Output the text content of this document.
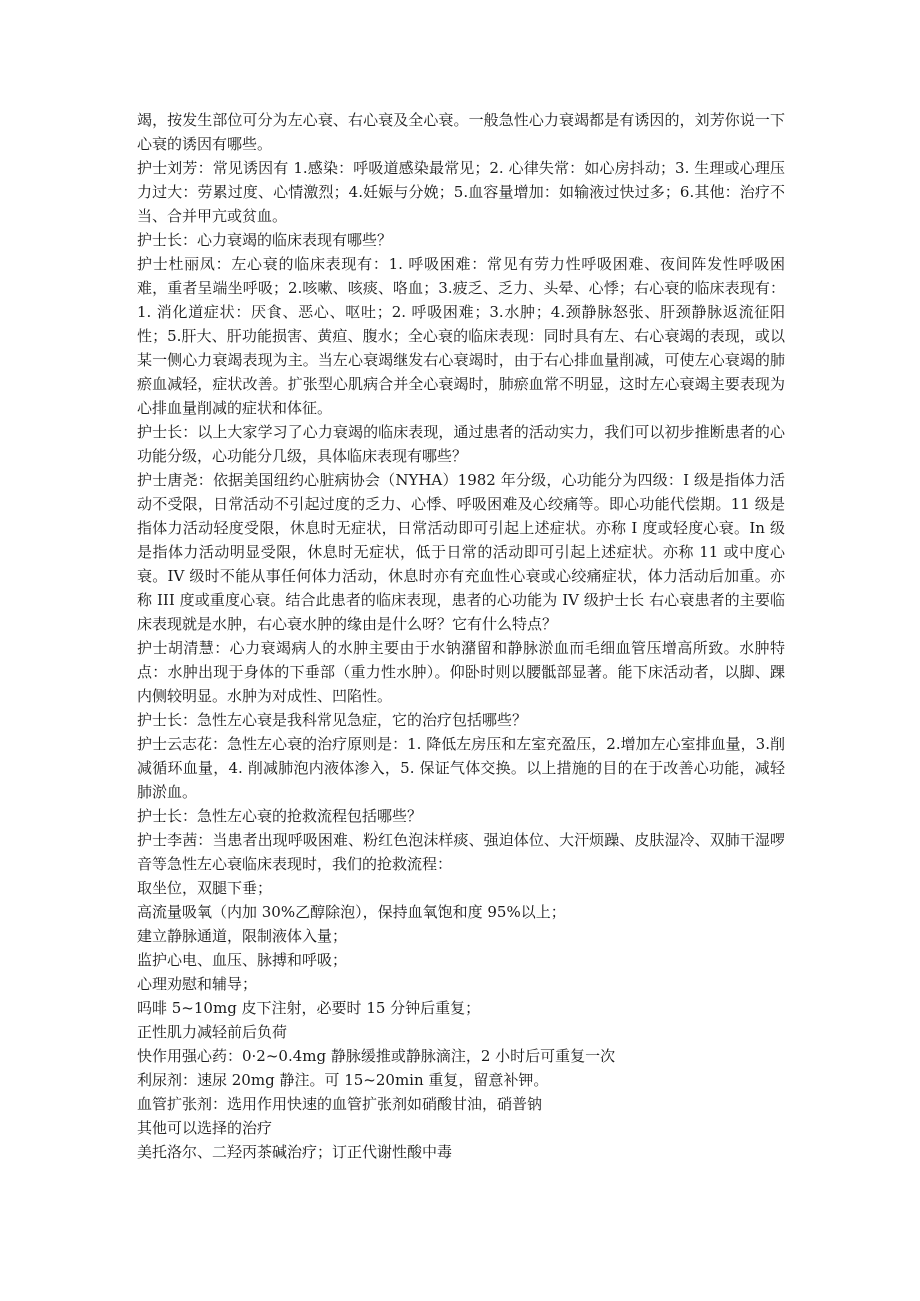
竭，按发生部位可分为左心衰、右心衰及全心衰。一般急性心力衰竭都是有诱因的，刘芳你说一下心衰的诱因有哪些。

护士刘芳：常见诱因有 1.感染：呼吸道感染最常见；2. 心律失常：如心房抖动；3. 生理或心理压力过大：劳累过度、心情激烈；4.妊娠与分娩；5.血容量增加：如输液过快过多；6.其他：治疗不当、合并甲亢或贫血。

护士长：心力衰竭的临床表现有哪些？

护士杜丽凤：左心衰的临床表现有：1. 呼吸困难：常见有劳力性呼吸困难、夜间阵发性呼吸困难，重者呈端坐呼吸；2.咳嗽、咳痰、咯血；3.疲乏、乏力、头晕、心悸；右心衰的临床表现有：1. 消化道症状：厌食、恶心、呕吐；2. 呼吸困难；3.水肿；4.颈静脉怒张、肝颈静脉返流征阳性；5.肝大、肝功能损害、黄疸、腹水；全心衰的临床表现：同时具有左、右心衰竭的表现，或以某一侧心力衰竭表现为主。当左心衰竭继发右心衰竭时，由于右心排血量削减，可使左心衰竭的肺瘀血减轻，症状改善。扩张型心肌病合并全心衰竭时，肺瘀血常不明显，这时左心衰竭主要表现为心排血量削减的症状和体征。

护士长：以上大家学习了心力衰竭的临床表现，通过患者的活动实力，我们可以初步推断患者的心功能分级，心功能分几级，具体临床表现有哪些？

护士唐尧：依据美国纽约心脏病协会（NYHA）1982 年分级，心功能分为四级：I 级是指体力活动不受限，日常活动不引起过度的乏力、心悸、呼吸困难及心绞痛等。即心功能代偿期。11 级是指体力活动轻度受限，休息时无症状，日常活动即可引起上述症状。亦称 I 度或轻度心衰。In 级是指体力活动明显受限，休息时无症状，低于日常的活动即可引起上述症状。亦称 11 或中度心衰。IV 级时不能从事任何体力活动，休息时亦有充血性心衰或心绞痛症状，体力活动后加重。亦称 III 度或重度心衰。结合此患者的临床表现，患者的心功能为 IV 级护士长 右心衰患者的主要临床表现就是水肿，右心衰水肿的缘由是什么呀？它有什么特点？

护士胡清慧：心力衰竭病人的水肿主要由于水钠潴留和静脉淤血而毛细血管压增高所致。水肿特点：水肿出现于身体的下垂部（重力性水肿）。仰卧时则以腰骶部显著。能下床活动者，以脚、踝内侧较明显。水肿为对成性、凹陷性。

护士长：急性左心衰是我科常见急症，它的治疗包括哪些？

护士云志花：急性左心衰的治疗原则是：1. 降低左房压和左室充盈压，2.增加左心室排血量，3.削减循环血量，4. 削减肺泡内液体渗入，5. 保证气体交换。以上措施的目的在于改善心功能，减轻肺淤血。

护士长：急性左心衰的抢救流程包括哪些？

护士李茜：当患者出现呼吸困难、粉红色泡沫样痰、强迫体位、大汗烦躁、皮肤湿冷、双肺干湿啰音等急性左心衰临床表现时，我们的抢救流程：

取坐位，双腿下垂；

高流量吸氧（内加 30%乙醇除泡），保持血氧饱和度 95%以上；

建立静脉通道，限制液体入量；

监护心电、血压、脉搏和呼吸；

心理劝慰和辅导；

吗啡 5~10mg 皮下注射，必要时 15 分钟后重复；

正性肌力减轻前后负荷

快作用强心药：0·2~0.4mg 静脉缓推或静脉滴注，2 小时后可重复一次

利尿剂：速尿 20mg 静注。可 15~20min 重复，留意补钾。

血管扩张剂：选用作用快速的血管扩张剂如硝酸甘油，硝普钠

其他可以选择的治疗

美托洛尔、二羟丙茶碱治疗；订正代谢性酸中毒
